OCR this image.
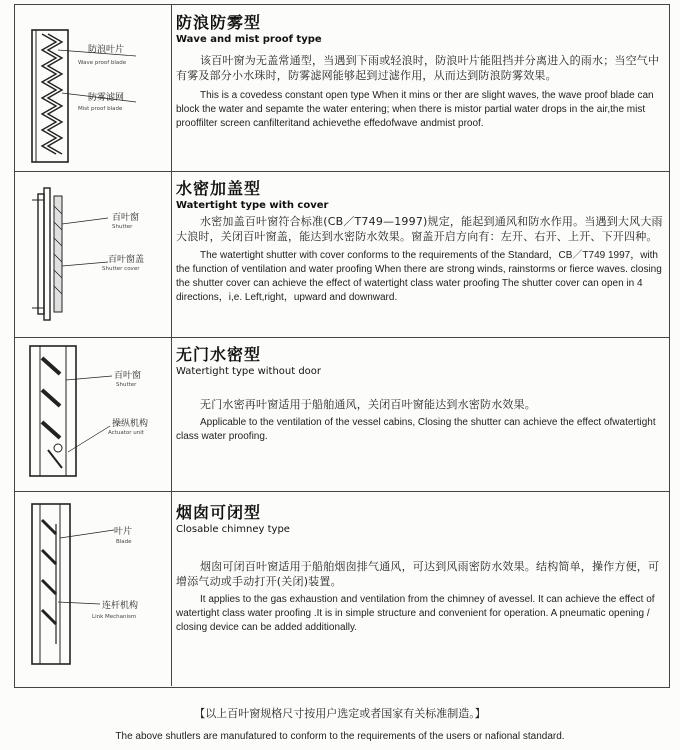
防浪叶片
Wave proof blade
防雾滤网
Mist proof blade
百叶窗
Shutter
百叶窗盖
Shutter cover
百叶窗
Shutter
操纵机构
Actuator unit
叶片
Blade
连杆机构
Link Mechanism
防浪防雾型
Wave and mist proof type
该百叶窗为无盖常通型，当遇到下雨或轻浪时，防浪叶片能阻挡并分离进入的雨水；当空气中有雾及部分小水珠时，防雾滤网能够起到过滤作用，从而达到防浪防雾效果。
This is a covedess constant open type When it mins or ther are slight waves, the wave proof blade can block the water and sepamte the water entering; when there is mistor partial water drops in the air,the mist prooffilter screen canfilteritand achievethe effedofwave andmist proof.
水密加盖型
Watertight type with cover
水密加盖百叶窗符合标准(CB／T749—1997)规定，能起到通风和防水作用。当遇到大风大雨大浪时，关闭百叶窗盖，能达到水密防水效果。窗盖开启方向有：左开、右开、上开、下开四种。
The watertight shutter with cover conforms to the requirements of the Standard，CB／T749 1997，with the function of ventilation and water proofing When there are strong winds, rainstorms or fierce waves. closing the shutter cover can achieve the effect of watertight class water proofing The shutter cover can open in 4 directions，i,e. Left,right，upward and downward.
无门水密型
Watertight type without door
无门水密再叶窗适用于船舶通风，关闭百叶窗能达到水密防水效果。
Applicable to the ventilation of the vessel cabins, Closing the shutter can achieve the effect ofwatertight class water proofing.
烟囱可闭型
Closable chimney type
烟囱可闭百叶窗适用于船舶烟囱排气通风，可达到风雨密防水效果。结构简单，操作方便，可增添气动或手动打开(关闭)装置。
It applies to the gas exhaustion and ventilation from the chimney of avessel. It can achieve the effect of watertight class water proofing .It is in simple structure and convenient for operation. A pneumatic opening / closing device can be added additionally.
【以上百叶窗规格尺寸按用户选定或者国家有关标准制造。】
The above shutlers are manufatured to conform to the requirements of the users or nafional standard.
